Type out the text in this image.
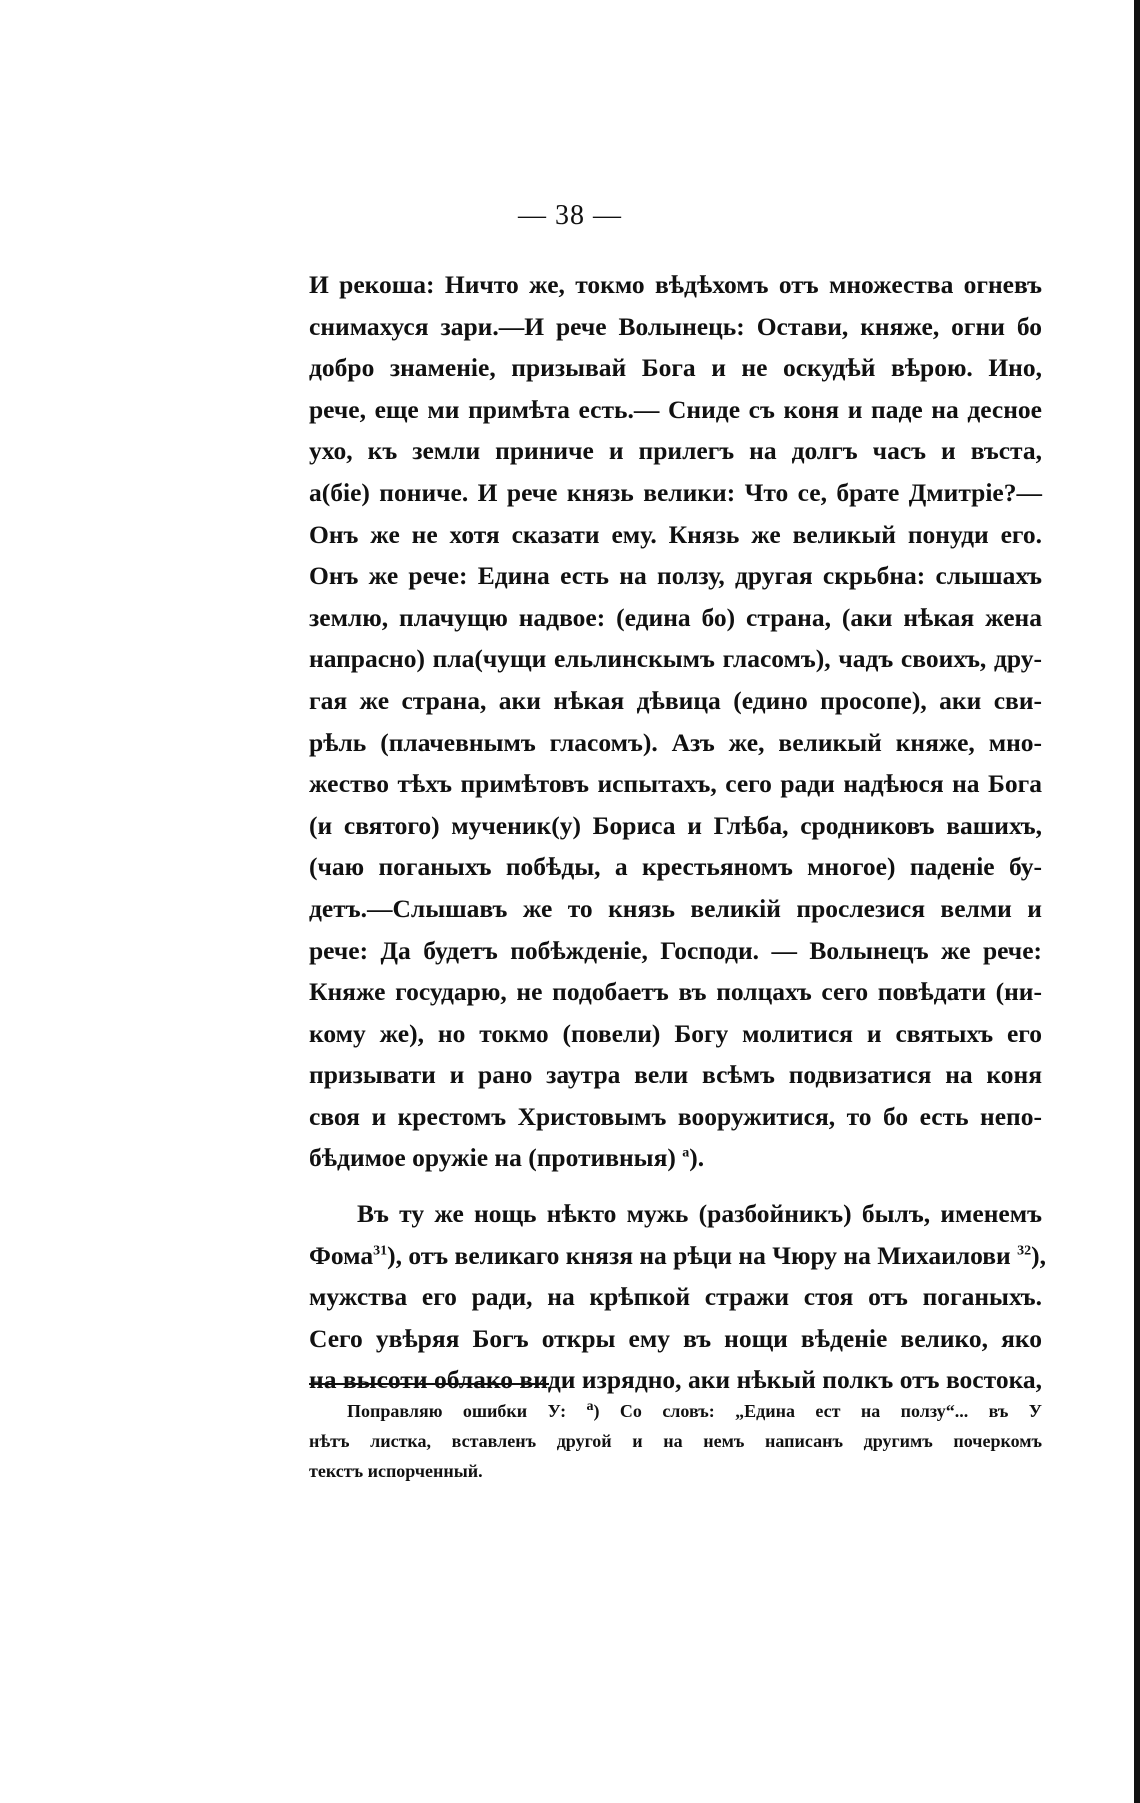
— 38 —
И рекоша: Ничто же, токмо вѣдѣхомъ отъ множества огневъ
снимахуся зари.—И рече Волынець: Остави, княже, огни бо
добро знаменіе, призывай Бога и не оскудѣй вѣрою. Ино,
рече, еще ми примѣта есть.— Сниде съ коня и паде на десное
ухо, къ земли приниче и прилегъ на долгъ часъ и въста,
а(біе) пониче. И рече князь велики: Что се, брате Дмитріе?—
Онъ же не хотя сказати ему. Князь же великый понуди его.
Онъ же рече: Едина есть на ползу, другая скрьбна: слышахъ
землю, плачущю надвое: (едина бо) страна, (аки нѣкая жена
напрасно) пла(чущи ельлинскымъ гласомъ), чадъ своихъ, дру-
гая же страна, аки нѣкая дѣвица (едино просопе), аки сви-
рѣль (плачевнымъ гласомъ). Азъ же, великый княже, мно-
жество тѣхъ примѣтовъ испытахъ, сего ради надѣюся на Бога
(и святого) мученик(у) Бориса и Глѣба, сродниковъ вашихъ,
(чаю поганыхъ побѣды, а крестьяномъ многое) паденіе бу-
детъ.—Слышавъ же то князь великій прослезися велми и
рече: Да будетъ побѣжденіе, Господи. — Волынецъ же рече:
Княже государю, не подобаетъ въ полцахъ сего повѣдати (ни-
кому же), но токмо (повели) Богу молитися и святыхъ его
призывати и рано заутра вели всѣмъ подвизатися на коня
своя и крестомъ Христовымъ вооружитися, то бо есть непо-
бѣдимое оружіе на (противныя) $^a$).
Въ ту же нощь нѣкто мужь (разбойникъ) былъ, именемъ
Фома$^{31}$), отъ великаго князя на рѣци на Чюру на Михаилови $^{32}$),
мужства его ради, на крѣпкой стражи стоя отъ поганыхъ.
Сего увѣряя Богъ откры ему въ нощи вѣденіе велико, яко
на высоти облако види изрядно, аки нѣкый полкъ отъ востока,
Поправляю ошибки У: $^a$) Со словъ: „Едина ест на ползу“... въ У
нѣтъ листка, вставленъ другой и на немъ написанъ другимъ почеркомъ
текстъ испорченный.
